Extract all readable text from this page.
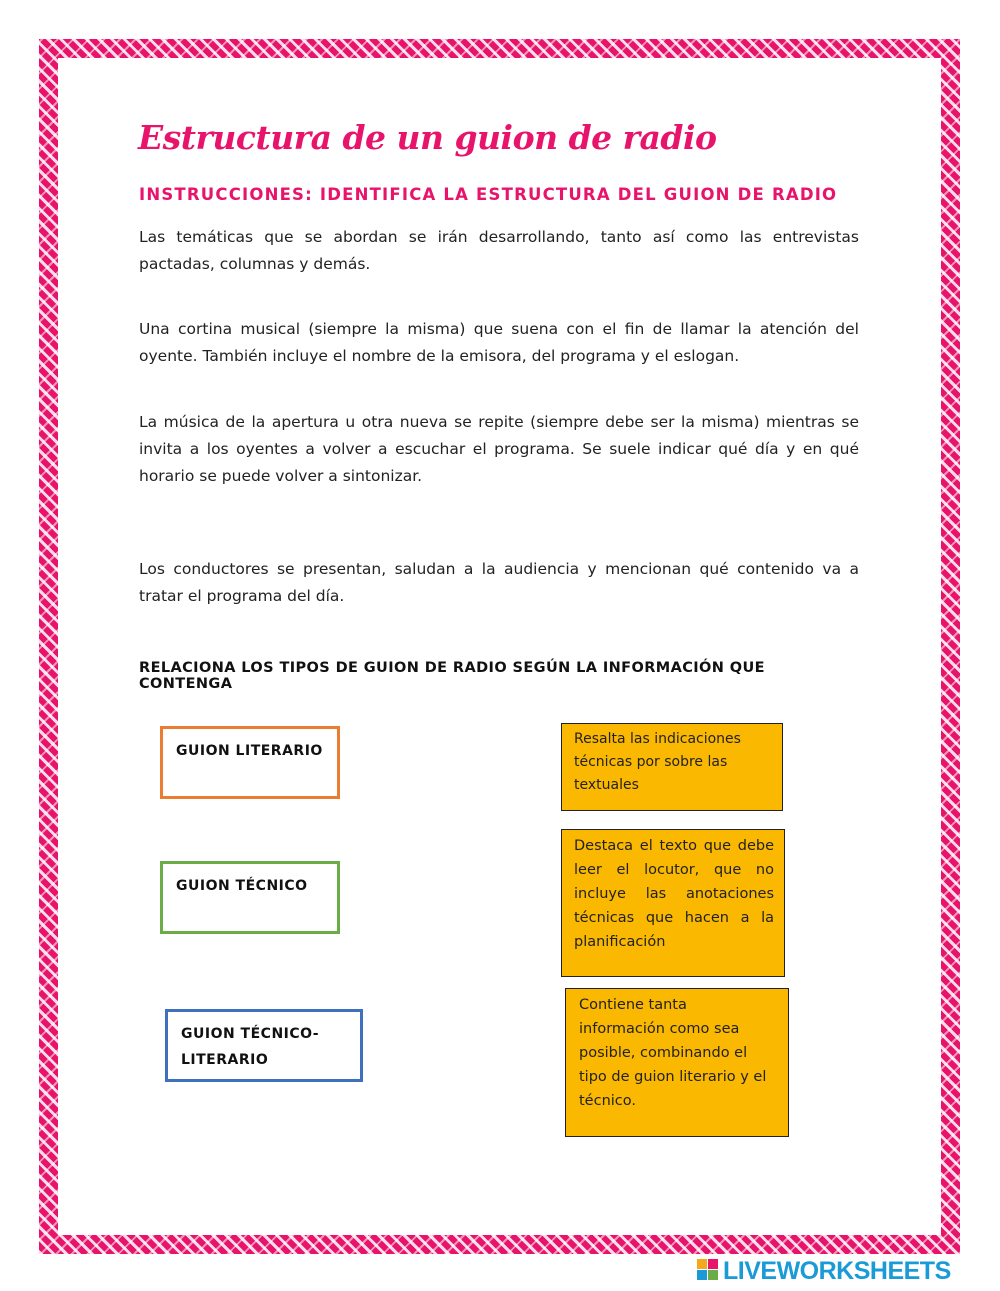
Estructura de un guion de radio
INSTRUCCIONES: IDENTIFICA LA ESTRUCTURA DEL GUION DE RADIO
Las temáticas que se abordan se irán desarrollando, tanto así como las entrevistas pactadas, columnas y demás.
Una cortina musical (siempre la misma) que suena con el fin de llamar la atención del oyente. También incluye el nombre de la emisora, del programa y el eslogan.
La música de la apertura u otra nueva se repite (siempre debe ser la misma) mientras se invita a los oyentes a volver a escuchar el programa. Se suele indicar qué día y en qué horario se puede volver a sintonizar.
Los conductores se presentan, saludan a la audiencia y mencionan qué contenido va a tratar el programa del día.
RELACIONA LOS TIPOS DE GUION DE RADIO SEGÚN LA INFORMACIÓN QUE CONTENGA
GUION LITERARIO
GUION TÉCNICO
GUION TÉCNICO-LITERARIO
Resalta las indicaciones técnicas por sobre las textuales
Destaca el texto que debe leer el locutor, que no incluye las anotaciones técnicas que hacen a la planificación
Contiene tanta información como sea posible, combinando el tipo de guion literario y el técnico.
LIVEWORKSHEETS
